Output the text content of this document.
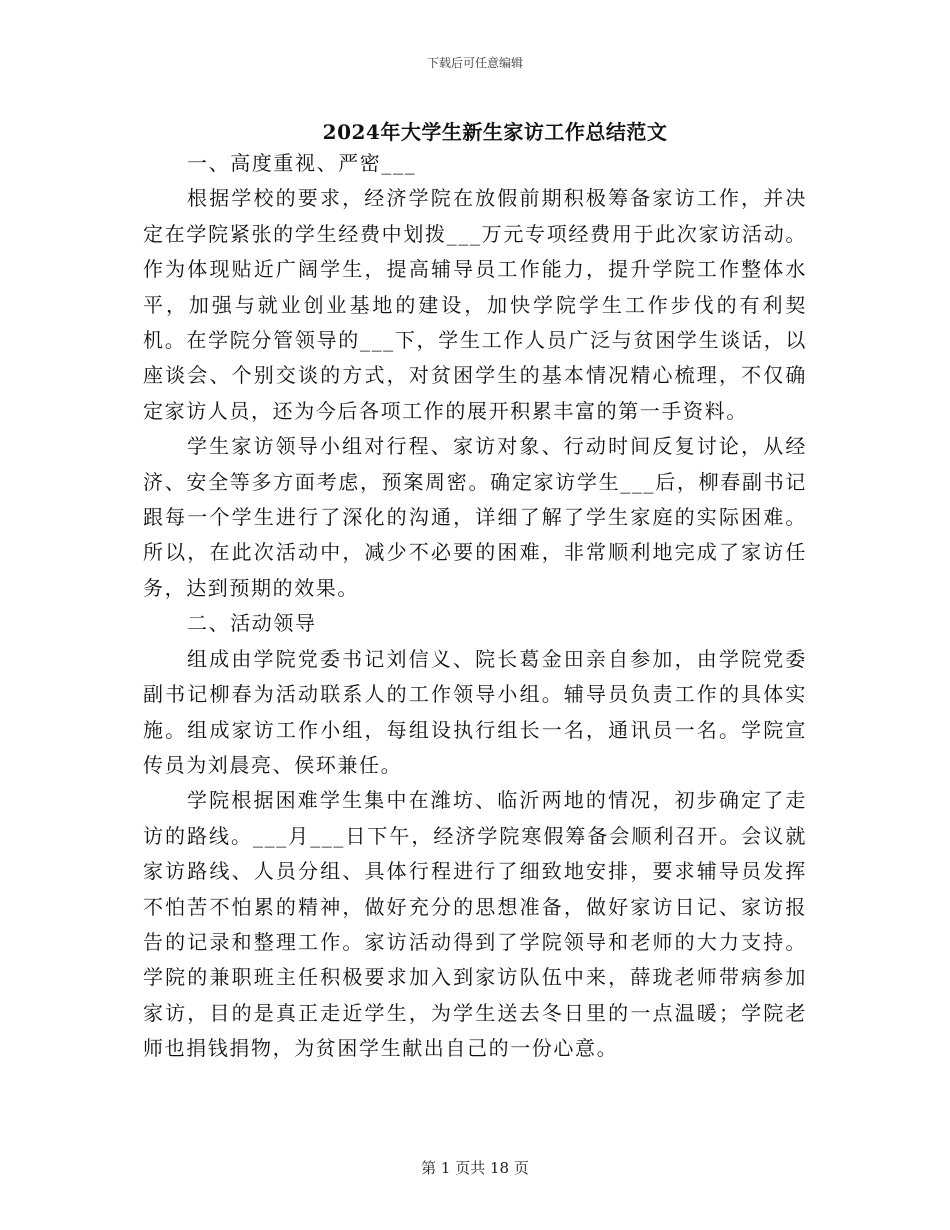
下载后可任意编辑
2024年大学生新生家访工作总结范文

一、高度重视、严密___

根据学校的要求，经济学院在放假前期积极筹备家访工作，并决定在学院紧张的学生经费中划拨___万元专项经费用于此次家访活动。作为体现贴近广阔学生，提高辅导员工作能力，提升学院工作整体水平，加强与就业创业基地的建设，加快学院学生工作步伐的有利契机。在学院分管领导的___下，学生工作人员广泛与贫困学生谈话，以座谈会、个别交谈的方式，对贫困学生的基本情况精心梳理，不仅确定家访人员，还为今后各项工作的展开积累丰富的第一手资料。

学生家访领导小组对行程、家访对象、行动时间反复讨论，从经济、安全等多方面考虑，预案周密。确定家访学生___后，柳春副书记跟每一个学生进行了深化的沟通，详细了解了学生家庭的实际困难。所以，在此次活动中，减少不必要的困难，非常顺利地完成了家访任务，达到预期的效果。

二、活动领导

组成由学院党委书记刘信义、院长葛金田亲自参加，由学院党委副书记柳春为活动联系人的工作领导小组。辅导员负责工作的具体实施。组成家访工作小组，每组设执行组长一名，通讯员一名。学院宣传员为刘晨亮、侯环兼任。

学院根据困难学生集中在潍坊、临沂两地的情况，初步确定了走访的路线。___月___日下午，经济学院寒假筹备会顺利召开。会议就家访路线、人员分组、具体行程进行了细致地安排，要求辅导员发挥不怕苦不怕累的精神，做好充分的思想准备，做好家访日记、家访报告的记录和整理工作。家访活动得到了学院领导和老师的大力支持。学院的兼职班主任积极要求加入到家访队伍中来，薛珑老师带病参加家访，目的是真正走近学生，为学生送去冬日里的一点温暖；学院老师也捐钱捐物，为贫困学生献出自己的一份心意。

第 1 页共 18 页
